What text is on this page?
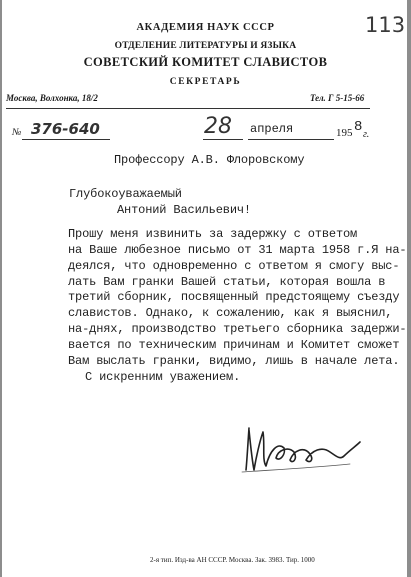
113
АКАДЕМИЯ НАУК СССР
ОТДЕЛЕНИЕ ЛИТЕРАТУРЫ И ЯЗЫКА
СОВЕТСКИЙ КОМИТЕТ СЛАВИСТОВ
СЕКРЕТАРЬ
Москва, Волхонка, 18/2	Тел. Г 5-15-66
№ 376-640	28 апреля	195 8 г.
Профессору А.В. Флоровскому
Глубокоуважаемый
Антоний Васильевич!
Прошу меня извинить за задержку с ответом
на Ваше любезное письмо от 31 марта 1958 г.Я на-
деялся, что одновременно с ответом я смогу выс-
лать Вам гранки Вашей статьи, которая вошла в
третий сборник, посвященный предстоящему съезду
славистов. Однако, к сожалению, как я выяснил,
на-днях, производство третьего сборника задержи-
вается по техническим причинам и Комитет сможет
Вам выслать гранки, видимо, лишь в начале лета.
С искренним уважением.
2-я тип. Изд-ва АН СССР. Москва. Зак. 3983. Тир. 1000
